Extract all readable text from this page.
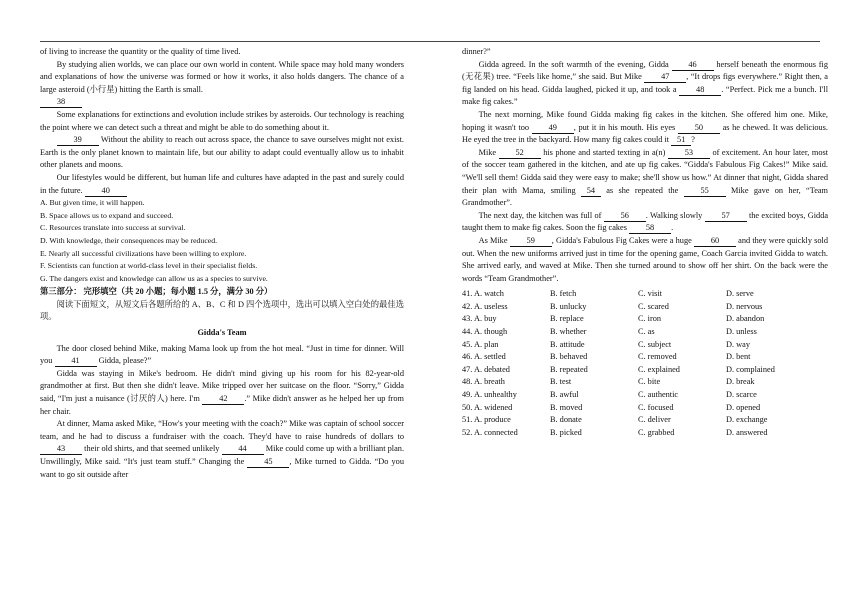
of living to increase the quantity or the quality of time lived.

By studying alien worlds, we can place our own world in content. While space may hold many wonders and explanations of how the universe was formed or how it works, it also holds dangers. The chance of a large asteroid (小行星) hitting the Earth is small.

38

Some explanations for extinctions and evolution include strikes by asteroids. Our technology is reaching the point where we can detect such a threat and might be able to do something about it.

39 Without the ability to reach out across space, the chance to save ourselves might not exist. Earth is the only planet known to maintain life, but our ability to adapt could eventually allow us to inhabit other planets and moons.

Our lifestyles would be different, but human life and cultures have adapted in the past and surely could in the future. 40

A. But given time, it will happen.

B. Space allows us to expand and succeed.

C. Resources translate into success at survival.

D. With knowledge, their consequences may be reduced.

E. Nearly all successful civilizations have been willing to explore.

F. Scientists can function at world-class level in their specialist fields.

G. The dangers exist and knowledge can allow us as a species to survive.

第三部分： 完形填空（共 20 小题；每小题 1.5 分，满分 30 分）

阅读下面短文，从短文后各题所给的 A、B、C 和 D 四个选项中，选出可以填入空白处的最佳选项。

Gidda's Team

The door closed behind Mike, making Mama look up from the hot meal. “Just in time for dinner. Will you 41 Gidda, please?”

Gidda was staying in Mike's bedroom. He didn't mind giving up his room for his 82-year-old grandmother at first. But then she didn't leave. Mike tripped over her suitcase on the floor. “Sorry,” Gidda said, “I'm just a nuisance (讨厌的人) here. I'm 42 .” Mike didn't answer as he helped her up from her chair.

At dinner, Mama asked Mike, “How's your meeting with the coach?” Mike was captain of school soccer team, and he had to discuss a fundraiser with the coach. They'd have to raise hundreds of dollars to 43 their old shirts, and that seemed unlikely 44 Mike could come up with a brilliant plan. Unwillingly, Mike said. “It's just team stuff.” Changing the 45 , Mike turned to Gidda. “Do you want to go sit outside after

dinner?”

Gidda agreed. In the soft warmth of the evening, Gidda 46 herself beneath the enormous fig (无花果) tree. “Feels like home,” she said. But Mike 47 , “It drops figs everywhere.” Right then, a fig landed on his head. Gidda laughed, picked it up, and took a 48 . “Perfect. Pick me a bunch. I'll make fig cakes.”

The next morning, Mike found Gidda making fig cakes in the kitchen. She offered him one. Mike, hoping it wasn't too 49 , put it in his mouth. His eyes 50 as he chewed. It was delicious. He eyed the tree in the backyard. How many fig cakes could it 51 ?

Mike 52 his phone and started texting in a(n) 53 of excitement. An hour later, most of the soccer team gathered in the kitchen, and ate up fig cakes. “Gidda's Fabulous Fig Cakes!” Mike said. “We'll sell them! Gidda said they were easy to make; she'll show us how.” At dinner that night, Gidda shared their plan with Mama, smiling 54 as she repeated the	55	Mike gave on her, “Team Grandmother”.

The next day, the kitchen was full of 56 . Walking slowly 57 the excited boys, Gidda taught them to make fig cakes. Soon the fig cakes 58 .

As Mike 59 , Gidda's Fabulous Fig Cakes were a huge 60 and they were quickly sold out. When the new uniforms arrived just in time for the opening game, Coach Garcia invited Gidda to watch. She arrived early, and waved at Mike. Then she turned around to show off her shirt. On the back were the words “Team Grandmother”.

41. A. watch	B. fetch	C. visit	D. serve
42. A. useless	B. unlucky	C. scared	D. nervous
43. A. buy	B. replace	C. iron	D. abandon
44. A. though	B. whether	C. as	D. unless
45. A. plan	B. attitude	C. subject	D. way
46. A. settled	B. behaved	C. removed	D. bent
47. A. debated	B. repeated	C. explained	D. complained
48. A. breath	B. test	C. bite	D. break
49. A. unhealthy	B. awful	C. authentic	D. scarce
50. A. widened	B. moved	C. focused	D. opened
51. A. produce	B. donate	C. deliver	D. exchange
52. A. connected	B. picked	C. grabbed	D. answered
